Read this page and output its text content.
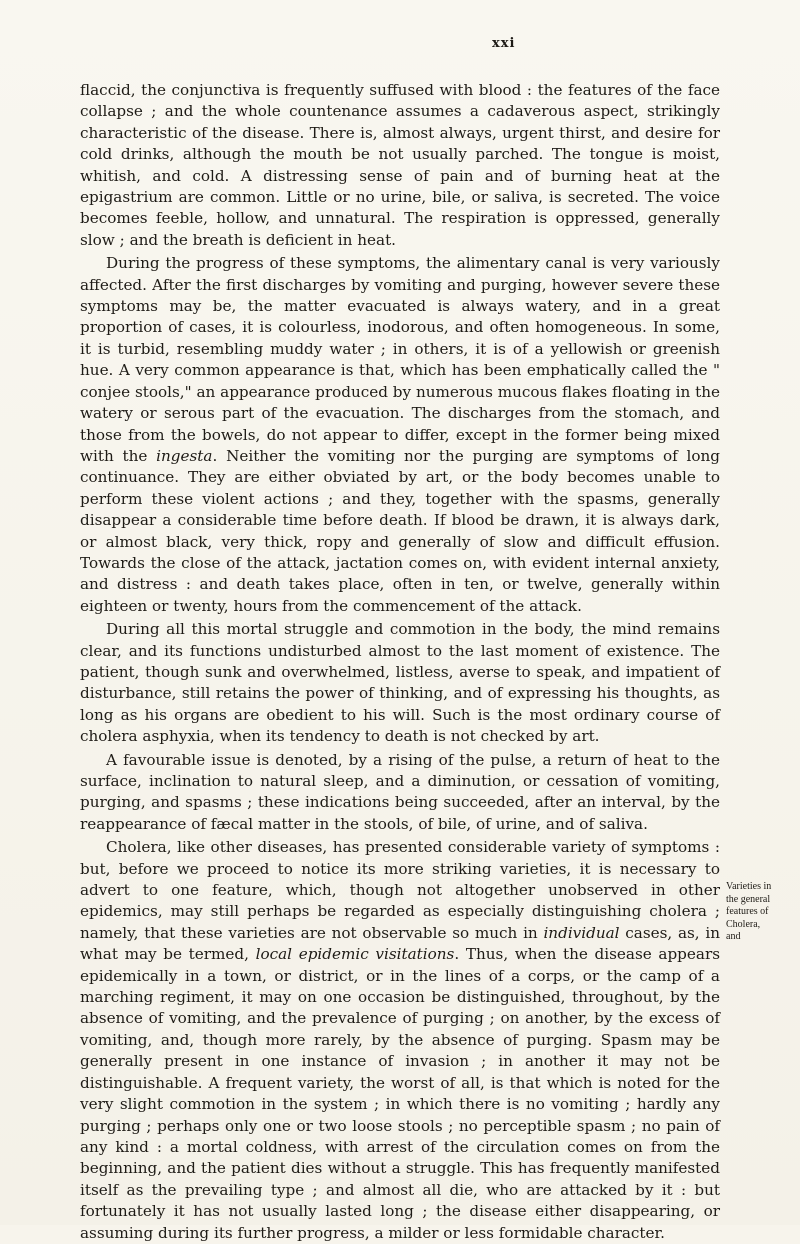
xxi

flaccid, the conjunctiva is frequently suffused with blood : the features of the face collapse ; and the whole countenance assumes a cadaverous aspect, strikingly characteristic of the disease. There is, almost always, urgent thirst, and desire for cold drinks, although the mouth be not usually parched. The tongue is moist, whitish, and cold. A distressing sense of pain and of burning heat at the epigastrium are common. Little or no urine, bile, or saliva, is secreted. The voice becomes feeble, hollow, and unnatural. The respiration is oppressed, generally slow ; and the breath is deficient in heat.

During the progress of these symptoms, the alimentary canal is very variously affected. After the first discharges by vomiting and purging, however severe these symptoms may be, the matter evacuated is always watery, and in a great proportion of cases, it is colourless, inodorous, and often homogeneous. In some, it is turbid, resembling muddy water ; in others, it is of a yellowish or greenish hue. A very common appearance is that, which has been emphatically called the " conjee stools," an appearance produced by numerous mucous flakes floating in the watery or serous part of the evacuation. The discharges from the stomach, and those from the bowels, do not appear to differ, except in the former being mixed with the ingesta. Neither the vomiting nor the purging are symptoms of long continuance. They are either obviated by art, or the body becomes unable to perform these violent actions ; and they, together with the spasms, generally disappear a considerable time before death. If blood be drawn, it is always dark, or almost black, very thick, ropy and generally of slow and difficult effusion. Towards the close of the attack, jactation comes on, with evident internal anxiety, and distress : and death takes place, often in ten, or twelve, generally within eighteen or twenty, hours from the commencement of the attack.

During all this mortal struggle and commotion in the body, the mind remains clear, and its functions undisturbed almost to the last moment of existence. The patient, though sunk and overwhelmed, listless, averse to speak, and impatient of disturbance, still retains the power of thinking, and of expressing his thoughts, as long as his organs are obedient to his will. Such is the most ordinary course of cholera asphyxia, when its tendency to death is not checked by art.

A favourable issue is denoted, by a rising of the pulse, a return of heat to the surface, inclination to natural sleep, and a diminution, or cessation of vomiting, purging, and spasms ; these indications being succeeded, after an interval, by the reappearance of fæcal matter in the stools, of bile, of urine, and of saliva.

Cholera, like other diseases, has presented considerable variety of symptoms : but, before we proceed to notice its more striking varieties, it is necessary to advert to one feature, which, though not altogether unobserved in other epidemics, may still perhaps be regarded as especially distinguishing cholera ; namely, that these varieties are not observable so much in individual cases, as, in what may be termed, local epidemic visitations. Thus, when the disease appears epidemically in a town, or district, or in the lines of a corps, or the camp of a marching regiment, it may on one occasion be distinguished, throughout, by the absence of vomiting, and the prevalence of purging ; on another, by the excess of vomiting, and, though more rarely, by the absence of purging. Spasm may be generally present in one instance of invasion ; in another it may not be distinguishable. A frequent variety, the worst of all, is that which is noted for the very slight commotion in the system ; in which there is no vomiting ; hardly any purging ; perhaps only one or two loose stools ; no perceptible spasm ; no pain of any kind : a mortal coldness, with arrest of the circulation comes on from the beginning, and the patient dies without a struggle. This has frequently manifested itself as the prevailing type ; and almost all die, who are attacked by it : but fortunately it has not usually lasted long ; the disease either disappearing, or assuming during its further progress, a milder or less formidable character.

Varieties in
the general
features of
Cholera,
and
